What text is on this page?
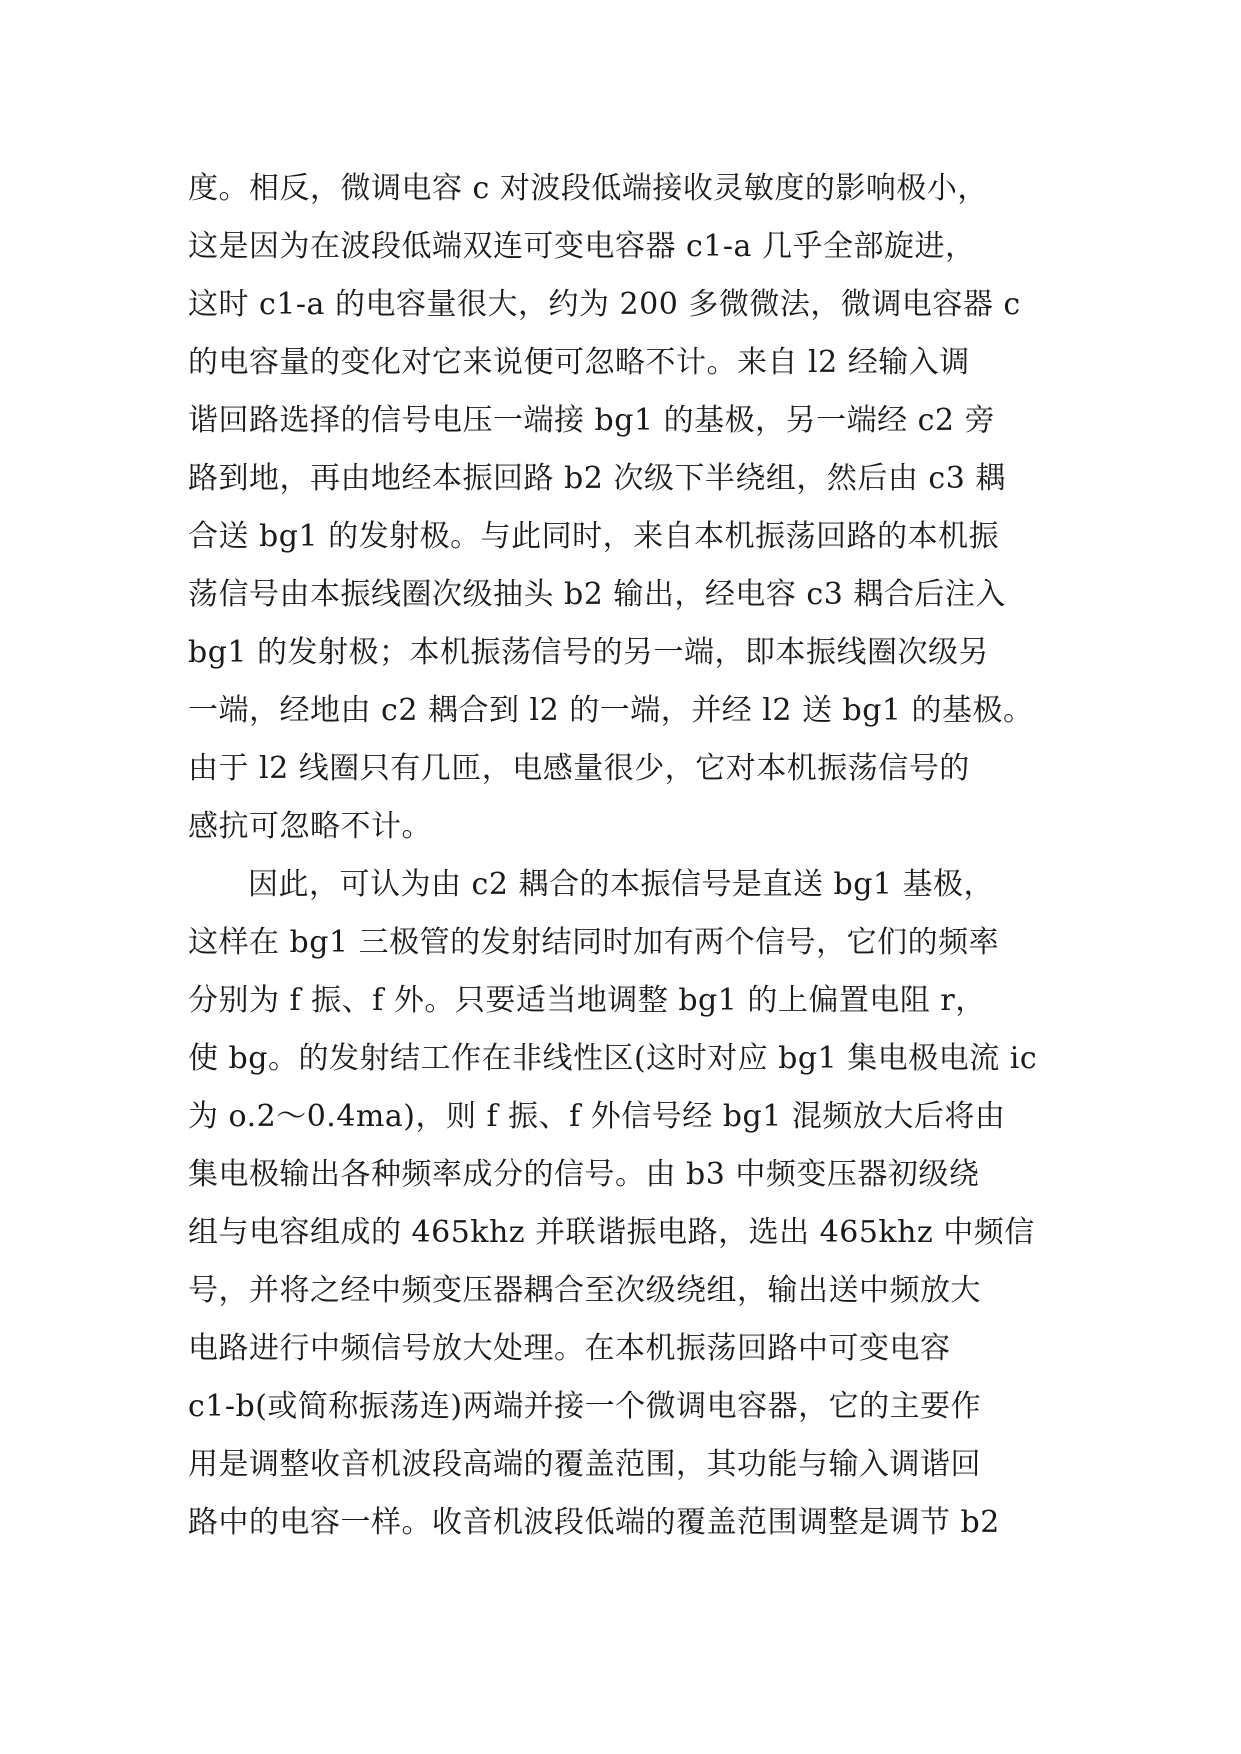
度。相反，微调电容 c 对波段低端接收灵敏度的影响极小，
这是因为在波段低端双连可变电容器 c1-a 几乎全部旋进，
这时 c1-a 的电容量很大，约为 200 多微微法，微调电容器 c
的电容量的变化对它来说便可忽略不计。来自 l2 经输入调
谐回路选择的信号电压一端接 bg1 的基极，另一端经 c2 旁
路到地，再由地经本振回路 b2 次级下半绕组，然后由 c3 耦
合送 bg1 的发射极。与此同时，来自本机振荡回路的本机振
荡信号由本振线圈次级抽头 b2 输出，经电容 c3 耦合后注入
bg1 的发射极；本机振荡信号的另一端，即本振线圈次级另
一端，经地由 c2 耦合到 l2 的一端，并经 l2 送 bg1 的基极。
由于 l2 线圈只有几匝，电感量很少，它对本机振荡信号的
感抗可忽略不计。
因此，可认为由 c2 耦合的本振信号是直送 bg1 基极，
这样在 bg1 三极管的发射结同时加有两个信号，它们的频率
分别为 f 振、f 外。只要适当地调整 bg1 的上偏置电阻 r，
使 bg。的发射结工作在非线性区(这时对应 bg1 集电极电流 ic
为 o.2～0.4ma)，则 f 振、f 外信号经 bg1 混频放大后将由
集电极输出各种频率成分的信号。由 b3 中频变压器初级绕
组与电容组成的 465khz 并联谐振电路，选出 465khz 中频信
号，并将之经中频变压器耦合至次级绕组，输出送中频放大
电路进行中频信号放大处理。在本机振荡回路中可变电容
c1-b(或简称振荡连)两端并接一个微调电容器，它的主要作
用是调整收音机波段高端的覆盖范围，其功能与输入调谐回
路中的电容一样。收音机波段低端的覆盖范围调整是调节 b2
